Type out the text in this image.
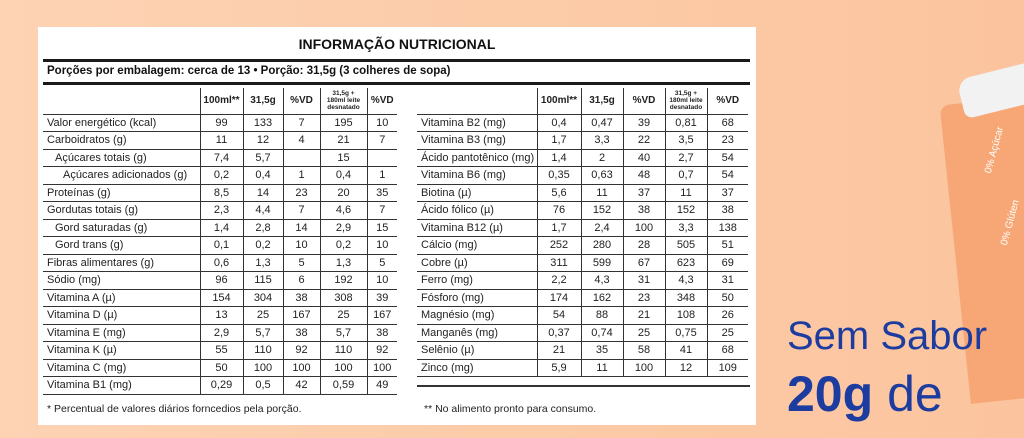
INFORMAÇÃO NUTRICIONAL
Porções por embalagem: cerca de 13 • Porção: 31,5g (3 colheres de sopa)
	100ml**	31,5g	%VD	31,5g + 180ml leite desnatado	%VD
Valor energético (kcal)	99	133	7	195	10
Carboidratos (g)	11	12	4	21	7
Açúcares totais (g)	7,4	5,7		15	
Açúcares adicionados (g)	0,2	0,4	1	0,4	1
Proteínas (g)	8,5	14	23	20	35
Gordutas totais (g)	2,3	4,4	7	4,6	7
Gord saturadas (g)	1,4	2,8	14	2,9	15
Gord trans (g)	0,1	0,2	10	0,2	10
Fibras alimentares (g)	0,6	1,3	5	1,3	5
Sódio (mg)	96	115	6	192	10
Vitamina A (µ)	154	304	38	308	39
Vitamina D (µ)	13	25	167	25	167
Vitamina E (mg)	2,9	5,7	38	5,7	38
Vitamina K (µ)	55	110	92	110	92
Vitamina C (mg)	50	100	100	100	100
Vitamina B1 (mg)	0,29	0,5	42	0,59	49
	100ml**	31,5g	%VD	31,5g + 180ml leite desnatado	%VD
Vitamina B2 (mg)	0,4	0,47	39	0,81	68
Vitamina B3 (mg)	1,7	3,3	22	3,5	23
Ácido pantotênico (mg)	1,4	2	40	2,7	54
Vitamina B6 (mg)	0,35	0,63	48	0,7	54
Biotina (µ)	5,6	11	37	11	37
Ácido fólico (µ)	76	152	38	152	38
Vitamina B12 (µ)	1,7	2,4	100	3,3	138
Cálcio (mg)	252	280	28	505	51
Cobre (µ)	311	599	67	623	69
Ferro (mg)	2,2	4,3	31	4,3	31
Fósforo (mg)	174	162	23	348	50
Magnésio (mg)	54	88	21	108	26
Manganês (mg)	0,37	0,74	25	0,75	25
Selênio (µ)	21	35	58	41	68
Zinco (mg)	5,9	11	100	12	109
* Percentual de valores diários forncedios pela porção.	** No alimento pronto para consumo.
0% Açúcar
0% Glúten
Sem Sabor
20g de
